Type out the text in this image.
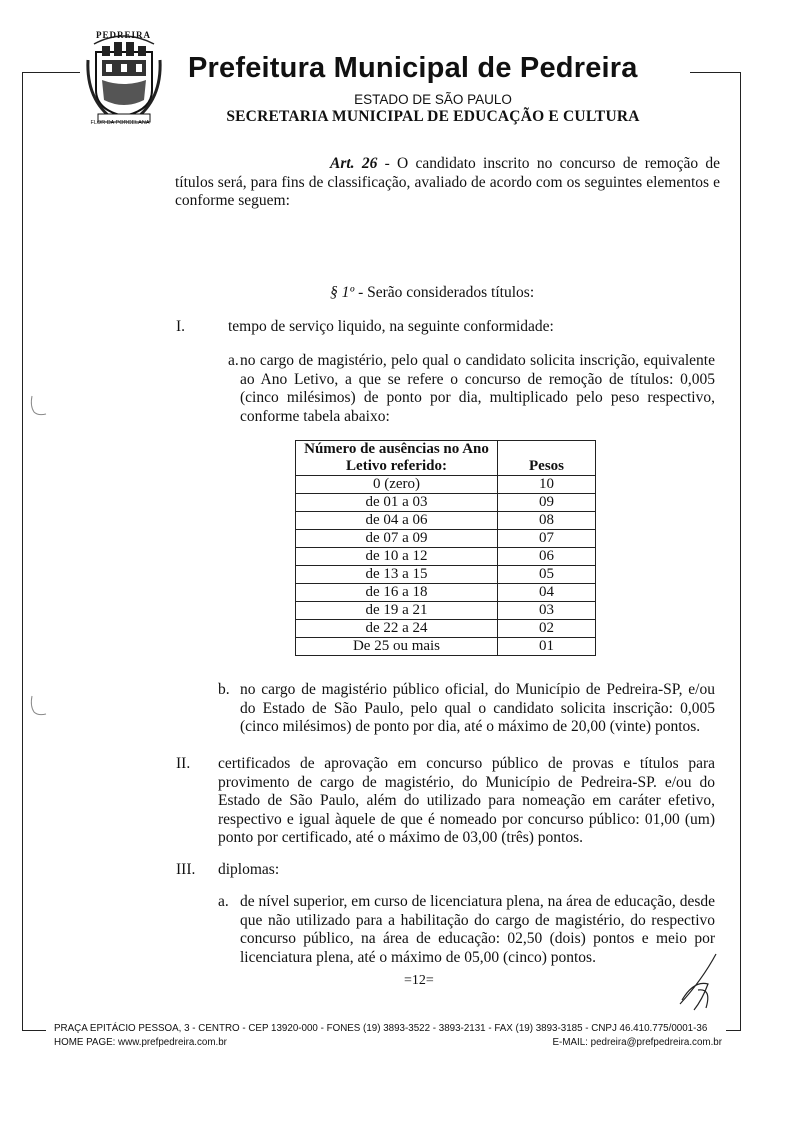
PEDREIRA
FLOR DA PORCELANA
Prefeitura Municipal de Pedreira
ESTADO DE SÃO PAULO
SECRETARIA MUNICIPAL DE EDUCAÇÃO E CULTURA
Art. 26 - O candidato inscrito no concurso de remoção de títulos será, para fins de classificação, avaliado de acordo com os seguintes elementos e conforme seguem:
§ 1º - Serão considerados títulos:
I.	tempo de serviço liquido, na seguinte conformidade:
a. no cargo de magistério, pelo qual o candidato solicita inscrição, equivalente ao Ano Letivo, a que se refere o concurso de remoção de títulos: 0,005 (cinco milésimos) de ponto por dia, multiplicado pelo peso respectivo, conforme tabela abaixo:
Número de ausências no Ano Letivo referido:	Pesos
0 (zero)	10
de 01 a 03	09
de 04 a 06	08
de 07 a 09	07
de 10 a 12	06
de 13 a 15	05
de 16 a 18	04
de 19 a 21	03
de 22 a 24	02
De 25 ou mais	01
b. no cargo de magistério público oficial, do Município de Pedreira-SP, e/ou do Estado de São Paulo, pelo qual o candidato solicita inscrição: 0,005 (cinco milésimos) de ponto por dia, até o máximo de 20,00 (vinte) pontos.
II. certificados de aprovação em concurso público de provas e títulos para provimento de cargo de magistério, do Município de Pedreira-SP. e/ou do Estado de São Paulo, além do utilizado para nomeação em caráter efetivo, respectivo e igual àquele de que é nomeado por concurso público: 01,00 (um) ponto por certificado, até o máximo de 03,00 (três) pontos.
III. diplomas:
a. de nível superior, em curso de licenciatura plena, na área de educação, desde que não utilizado para a habilitação do cargo de magistério, do respectivo concurso público, na área de educação: 02,50 (dois) pontos e meio por licenciatura plena, até o máximo de 05,00 (cinco) pontos.
=12=
PRAÇA EPITÁCIO PESSOA, 3 - CENTRO - CEP 13920-000 - FONES (19) 3893-3522 - 3893-2131 - FAX (19) 3893-3185 - CNPJ 46.410.775/0001-36
HOME PAGE: www.prefpedreira.com.br	E-MAIL: pedreira@prefpedreira.com.br
